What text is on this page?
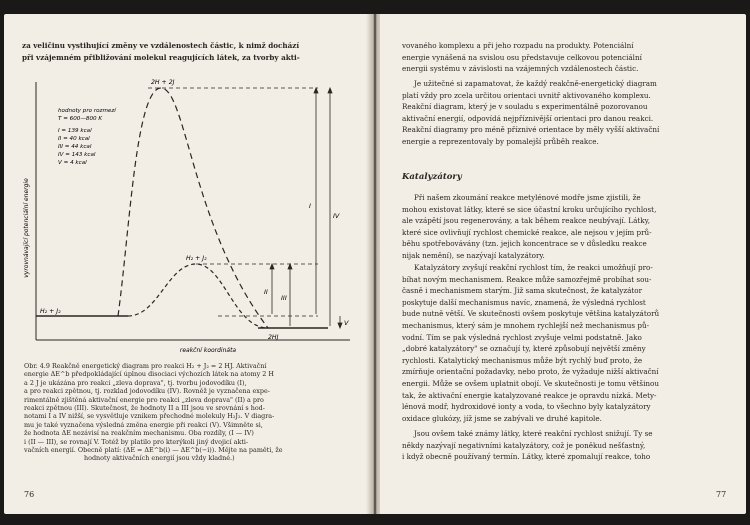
za veličinu vystihující změny ve vzdálenostech částic, k nimž dochází
při vzájemném přibližování molekul reagujících látek, za tvorby akti-
vyrovnávající potenciální energie
reakční koordináta
hodnoty pro rozmezí
T = 600—800 K
I = 139 kcal
II = 40 kcal
III = 44 kcal
IV = 143 kcal
V = 4 kcal
2H + 2J
H₂ + J₂
H₂ + J₂
2HJ
I
II
III
IV
V
Obr. 4.9 Reakčně energetický diagram pro reakci H₂ + J₂ = 2 HJ. Aktivační
energie ΔE^b předpokládající úplnou disociaci výchozích látek na atomy 2 H
a 2 J je ukázána pro reakci „zleva doprava", tj. tvorbu jodovodíku (I),
a pro reakci zpětnou, tj. rozklad jodovodíku (IV). Rovněž je vyznačena expe-
rimentálně zjištěná aktivační energie pro reakci „zleva doprava" (II) a pro
reakci zpětnou (III). Skutečnost, že hodnoty II a III jsou ve srovnání s hod-
notami I a IV nižší, se vysvětluje vznikem přechodné molekuly H₂J₂. V diagra-
mu je také vyznačena výsledná změna energie při reakci (V). Všimněte si,
že hodnota ΔE nezávisí na reakčním mechanismu. Oba rozdíly, (I — IV)
i (II — III), se rovnají V. Totéž by platilo pro kterýkoli jiný dvojicí akti-
vačních energií. Obecně platí: (ΔE = ΔE^b(i) — ΔE^b(−i)). Mějte na paměti, že
hodnoty aktivačních energií jsou vždy kladné.)
76
vovaného komplexu a při jeho rozpadu na produkty. Potenciální
energie vynášená na svislou osu představuje celkovou potenciální
energii systému v závislosti na vzájemných vzdálenostech částic.
Je užitečné si zapamatovat, že každý reakčně-energetický diagram
platí vždy pro zcela určitou orientaci uvnitř aktivovaného komplexu.
Reakční diagram, který je v souladu s experimentálně pozorovanou
aktivační energií, odpovídá nejpříznivější orientaci pro danou reakci.
Reakční diagramy pro méně příznivé orientace by měly vyšší aktivační
energie a reprezentovaly by pomalejší průběh reakce.
Katalyzátory
Při našem zkoumání reakce metylénové modře jsme zjistili, že
mohou existovat látky, které se sice účastní kroku určujícího rychlost,
ale vzápětí jsou regenerovány, a tak během reakce neubývají. Látky,
které sice ovlivňují rychlost chemické reakce, ale nejsou v jejím prů-
běhu spotřebovávány (tzn. jejich koncentrace se v důsledku reakce
nijak nemění), se nazývají katalyzátory.
Katalyzátory zvyšují reakční rychlost tím, že reakci umožňují pro-
bíhat novým mechanismem. Reakce může samozřejmě probíhat sou-
časně i mechanismem starým. Již sama skutečnost, že katalyzátor
poskytuje další mechanismus navíc, znamená, že výsledná rychlost
bude nutně větší. Ve skutečnosti ovšem poskytuje většina katalyzátorů
mechanismus, který sám je mnohem rychlejší než mechanismus pů-
vodní. Tím se pak výsledná rychlost zvyšuje velmi podstatně. Jako
„dobré katalyzátory" se označují ty, které způsobují největší změny
rychlosti. Katalytický mechanismus může být rychlý buď proto, že
zmírňuje orientační požadavky, nebo proto, že vyžaduje nižší aktivační
energii. Může se ovšem uplatnit obojí. Ve skutečnosti je tomu většinou
tak, že aktivační energie katalyzované reakce je opravdu nízká. Mety-
lénová modř, hydroxidové ionty a voda, to všechno byly katalyzátory
oxidace glukózy, jíž jsme se zabývali ve druhé kapitole.
Jsou ovšem také známy látky, které reakční rychlost snižují. Ty se
někdy nazývají negativními katalyzátory, což je poněkud nešťastný,
i když obecně používaný termín. Látky, které zpomalují reakce, toho
77
